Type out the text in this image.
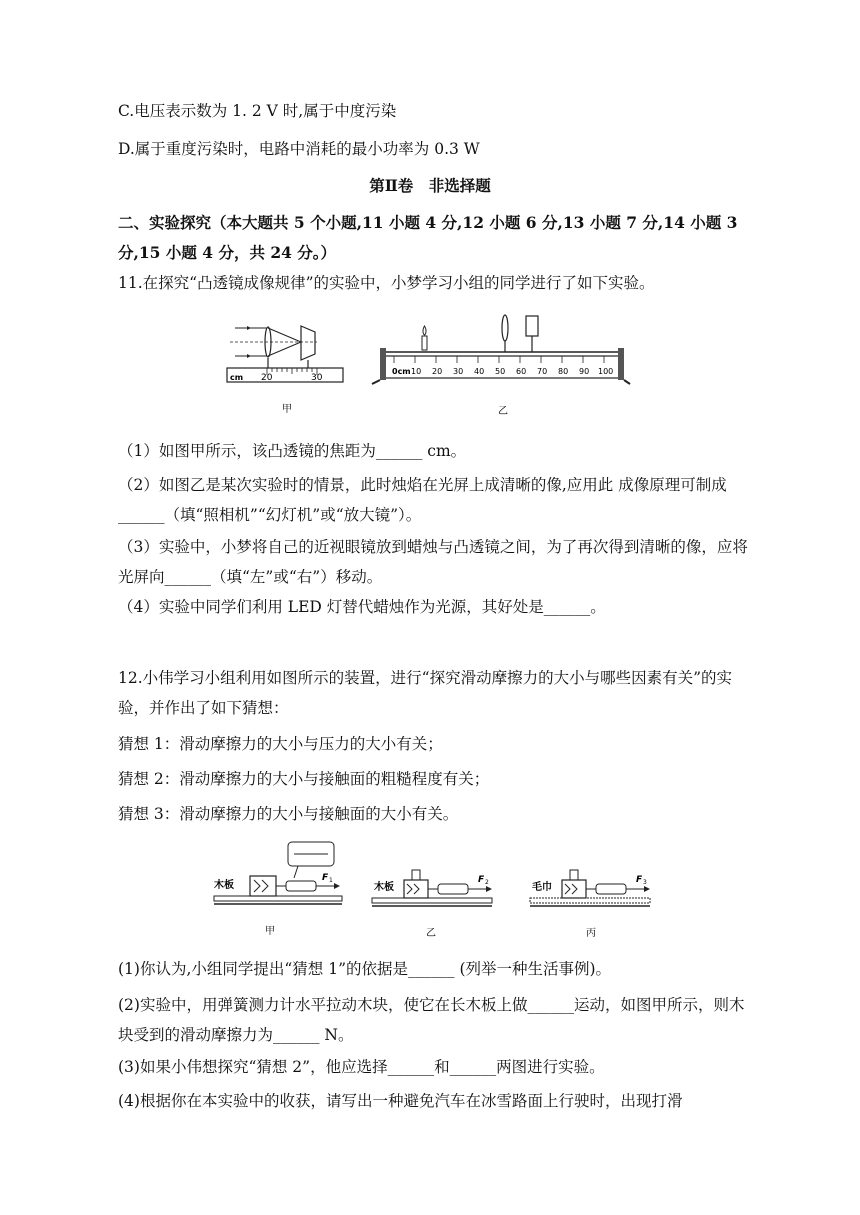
C.电压表示数为 1. 2 V 时,属于中度污染
D.属于重度污染时，电路中消耗的最小功率为 0.3 W
第Ⅱ卷　非选择题
二、实验探究（本大题共 5 个小题,11 小题 4 分,12 小题 6 分,13 小题 7 分,14 小题 3 分,15 小题 4 分，共 24 分。）
11.在探究“凸透镜成像规律”的实验中，小梦学习小组的同学进行了如下实验。
cm 20	30
甲
0cm 10 20 30 40 50 60 70 80 90 100
乙
（1）如图甲所示，该凸透镜的焦距为______ cm。
（2）如图乙是某次实验时的情景，此时烛焰在光屏上成清晰的像,应用此 成像原理可制成______（填“照相机”“幻灯机”或“放大镜”）。
（3）实验中，小梦将自己的近视眼镜放到蜡烛与凸透镜之间，为了再次得到清晰的像，应将光屏向______（填“左”或“右”）移动。
（4）实验中同学们利用 LED 灯替代蜡烛作为光源，其好处是______。
12.小伟学习小组利用如图所示的装置，进行“探究滑动摩擦力的大小与哪些因素有关”的实验，并作出了如下猜想：
猜想 1：滑动摩擦力的大小与压力的大小有关；
猜想 2：滑动摩擦力的大小与接触面的粗糙程度有关；
猜想 3：滑动摩擦力的大小与接触面的大小有关。
木板
F 1
甲
木板
F 2
乙
毛巾
F 3
丙
(1)你认为,小组同学提出“猜想 1”的依据是______ (列举一种生活事例)。
(2)实验中，用弹簧测力计水平拉动木块，使它在长木板上做______运动，如图甲所示，则木块受到的滑动摩擦力为______ N。
(3)如果小伟想探究“猜想 2”，他应选择______和______两图进行实验。
(4)根据你在本实验中的收获，请写出一种避免汽车在冰雪路面上行驶时，出现打滑
